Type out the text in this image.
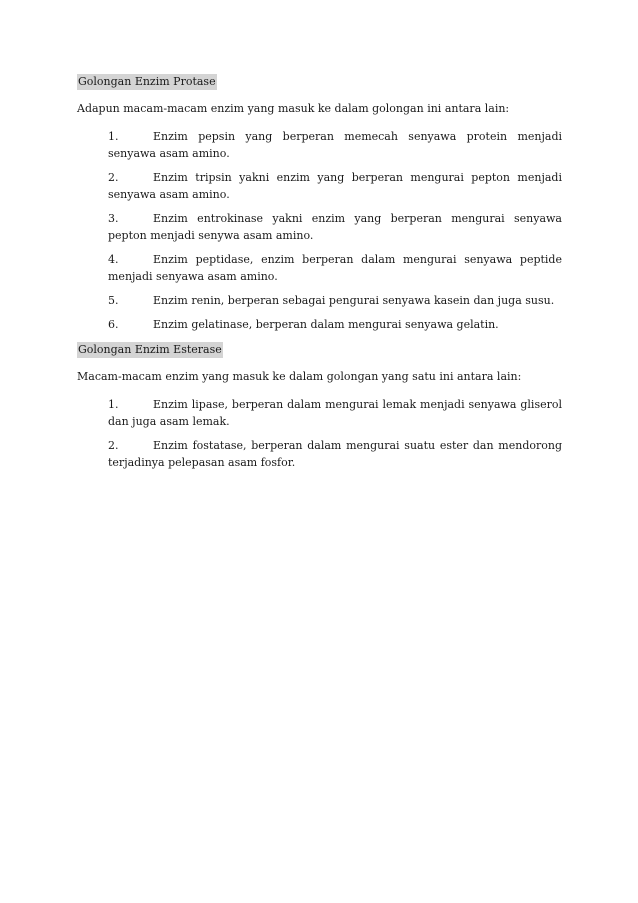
Golongan Enzim Protase

Adapun macam-macam enzim yang masuk ke dalam golongan ini antara lain:

1.	Enzim pepsin yang berperan memecah senyawa protein menjadi senyawa asam amino.
2.	Enzim tripsin yakni enzim yang berperan mengurai pepton menjadi senyawa asam amino.
3.	Enzim entrokinase yakni enzim yang berperan mengurai senyawa pepton menjadi senywa asam amino.
4.	Enzim peptidase, enzim berperan dalam mengurai senyawa peptide menjadi senyawa asam amino.
5.	Enzim renin, berperan sebagai pengurai senyawa kasein dan juga susu.
6.	Enzim gelatinase, berperan dalam mengurai senyawa gelatin.
Golongan Enzim Esterase

Macam-macam enzim yang masuk ke dalam golongan yang satu ini antara lain:

1.	Enzim lipase, berperan dalam mengurai lemak menjadi senyawa gliserol dan juga asam lemak.
2.	Enzim fostatase, berperan dalam mengurai suatu ester dan mendorong terjadinya pelepasan asam fosfor.
